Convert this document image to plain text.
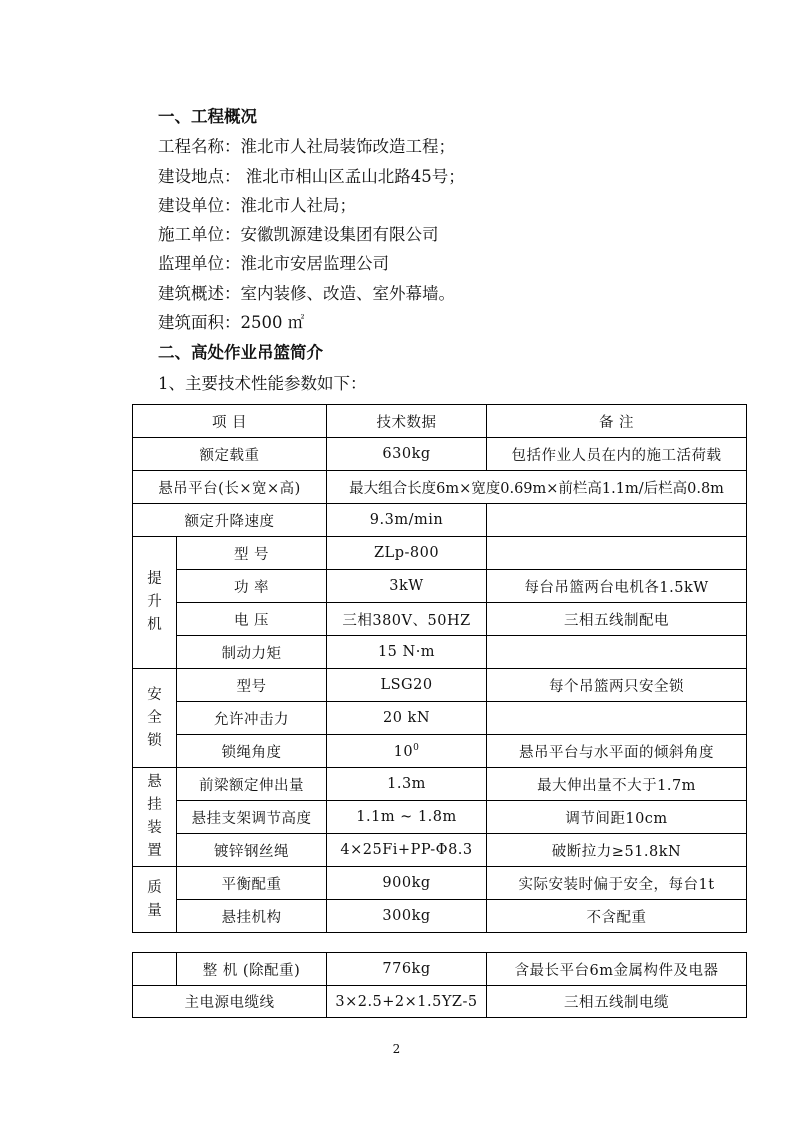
一、工程概况
工程名称：淮北市人社局装饰改造工程；
建设地点： 淮北市相山区孟山北路45号；
建设单位：淮北市人社局；
施工单位：安徽凯源建设集团有限公司
监理单位：淮北市安居监理公司
建筑概述：室内装修、改造、室外幕墙。
建筑面积：2500 ㎡
二、高处作业吊篮简介
1、主要技术性能参数如下：
项 目		技术数据	备 注
额定载重		630kg	包括作业人员在内的施工活荷载
悬吊平台(长×宽×高)		最大组合长度6m×宽度0.69m×前栏高1.1m/后栏高0.8m	
额定升降速度		9.3m/min	
提
升
机	型 号	ZLp-800	
	功 率	3kW	每台吊篮两台电机各1.5kW
	电 压	三相380V、50HZ	三相五线制配电
	制动力矩	15 N·m	
安
全
锁	型号	LSG20	每个吊篮两只安全锁
	允许冲击力	20 kN	
	锁绳角度	$10^0$	悬吊平台与水平面的倾斜角度
悬
挂
装
置	前梁额定伸出量	1.3m	最大伸出量不大于1.7m
	悬挂支架调节高度	1.1m ~ 1.8m	调节间距10cm
	镀锌钢丝绳	4×25Fi+PP-Φ8.3	破断拉力≥51.8kN
质
量	平衡配重	900kg	实际安装时偏于安全，每台1t
	悬挂机构	300kg	不含配重
	整 机 (除配重)	776kg	含最长平台6m金属构件及电器
主电源电缆线		3×2.5+2×1.5YZ-5	三相五线制电缆
2
